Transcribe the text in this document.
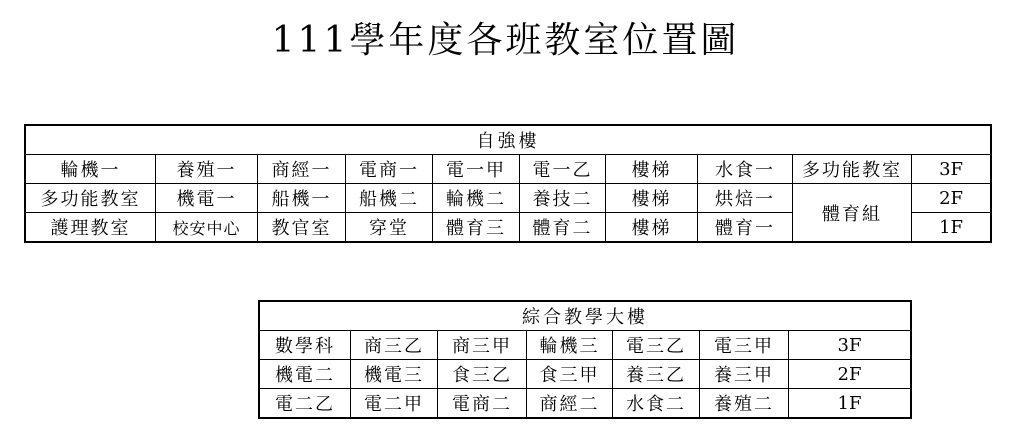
111學年度各班教室位置圖
自強樓									
輪機一	養殖一	商經一	電商一	電一甲	電一乙	樓梯	水食一	多功能教室	3F
多功能教室	機電一	船機一	船機二	輪機二	養技二	樓梯	烘焙一	體育組	2F
護理教室	校安中心	教官室	穿堂	體育三	體育二	樓梯	體育一		1F
綜合教學大樓						
數學科	商三乙	商三甲	輪機三	電三乙	電三甲	3F
機電二	機電三	食三乙	食三甲	養三乙	養三甲	2F
電二乙	電二甲	電商二	商經二	水食二	養殖二	1F
